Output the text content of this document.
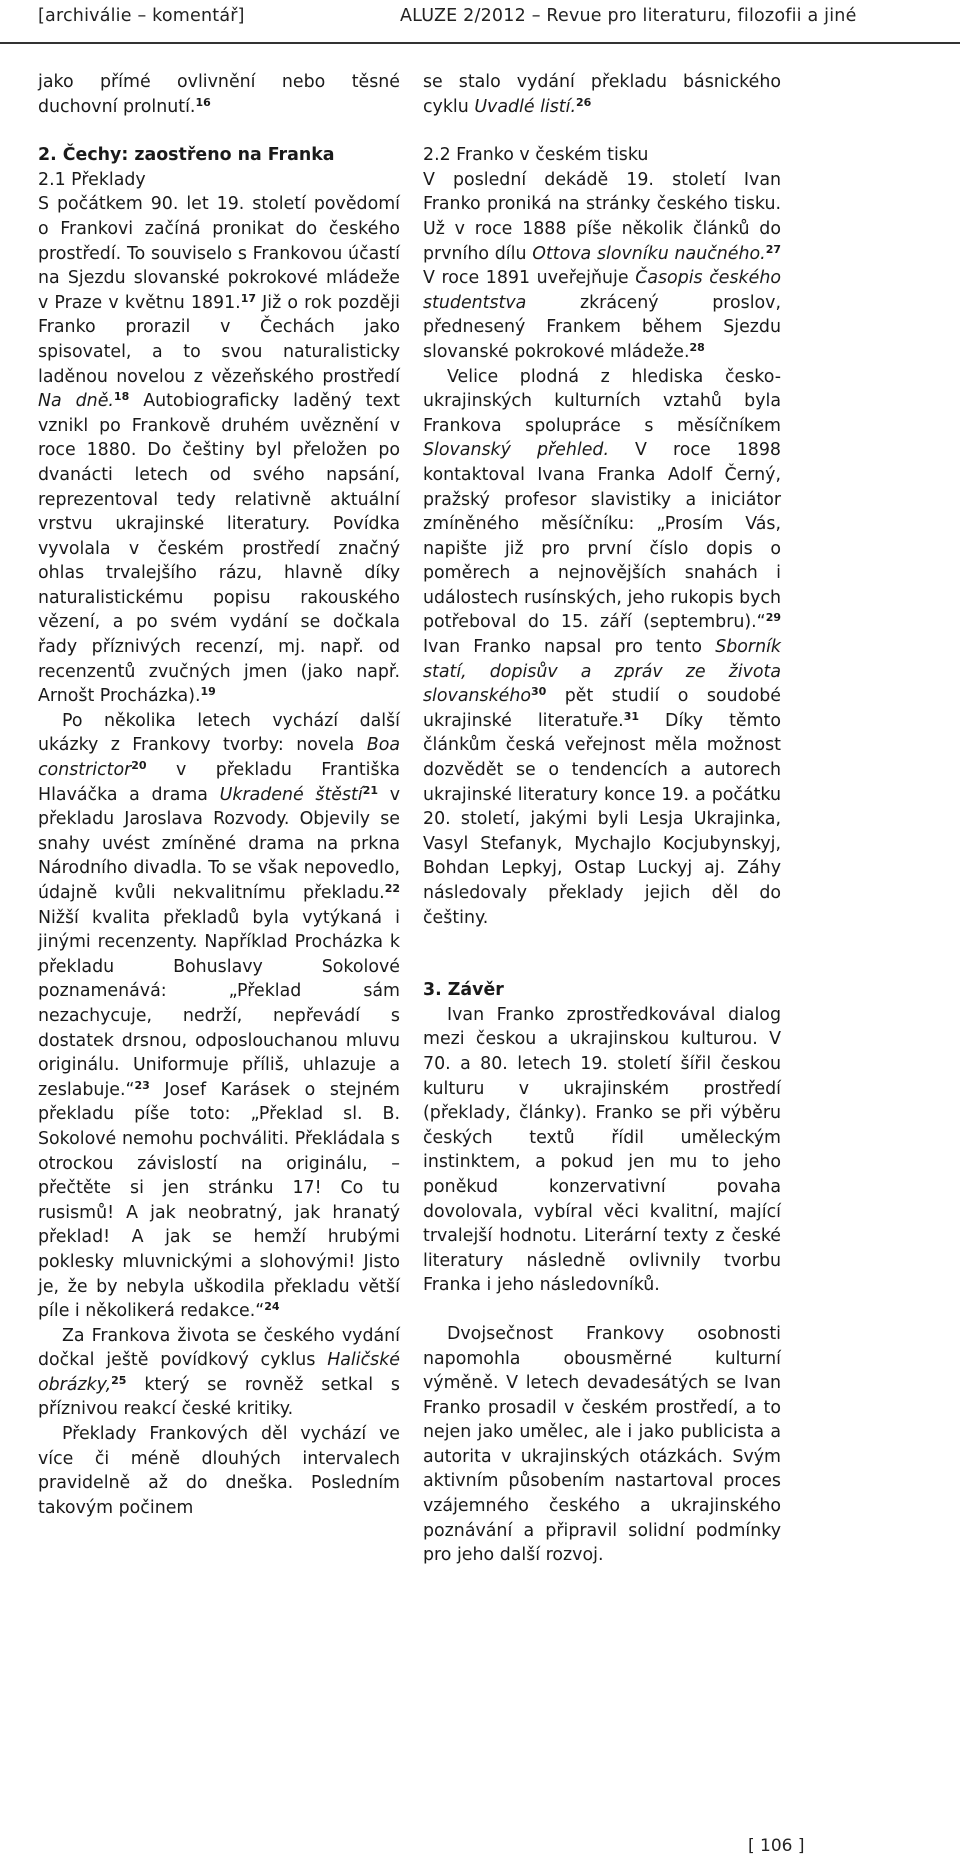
[archiválie – komentář]	ALUZE 2/2012 – Revue pro literaturu, filozofii a jiné

jako přímé ovlivnění nebo těsné duchovní prolnutí.$^{16}$

2. Čechy: zaostřeno na Franka

2.1 Překlady

S počátkem 90. let 19. století povědomí o Frankovi začíná pronikat do českého prostředí. To souviselo s Frankovou účastí na Sjezdu slovanské pokrokové mládeže v Praze v květnu 1891.17 Již o rok později Franko prorazil v Čechách jako spisovatel, a to svou naturalisticky laděnou novelou z vězeňského prostředí Na dně.$^{18}$ Autobiograficky laděný text vznikl po Frankově druhém uvěznění v roce 1880. Do češtiny byl přeložen po dvanácti letech od svého napsání, reprezentoval tedy relativně aktuální vrstvu ukrajinské literatury. Povídka vyvolala v českém prostředí značný ohlas trvalejšího rázu, hlavně díky naturalistickému popisu rakouského vězení, a po svém vydání se dočkala řady příznivých recenzí, mj. např. od recenzentů zvučných jmen (jako např. Arnošt Procházka).$^{19}$

Po několika letech vychází další ukázky z Frankovy tvorby: novela Boa constrictor$^{20}$ v překladu Františka Hlaváčka a drama Ukradené štěstí$^{21}$ v překladu Jaroslava Rozvody. Objevily se snahy uvést zmíněné drama na prkna Národního divadla. To se však nepovedlo, údajně kvůli nekvalitnímu překladu.$^{22}$ Nižší kvalita překladů byla vytýkaná i jinými recenzenty. Například Procházka k překladu Bohuslavy Sokolové poznamenává: „Překlad sám nezachycuje, nedrží, nepřevádí s dostatek drsnou, odposlouchanou mluvu originálu. Uniformuje příliš, uhlazuje a zeslabuje.“$^{23}$ Josef Karásek o stejném překladu píše toto: „Překlad sl. B. Sokolové nemohu pochváliti. Překládala s otrockou závislostí na originálu, – přečtěte si jen stránku 17! Co tu rusismů! A jak neobratný, jak hranatý překlad! A jak se hemží hrubými poklesky mluvnickými a slohovými! Jisto je, že by nebyla uškodila překladu větší píle i několikerá redakce.“$^{24}$

Za Frankova života se českého vydání dočkal ještě povídkový cyklus Haličské obrázky,$^{25}$ který se rovněž setkal s příznivou reakcí české kritiky.

Překlady Frankových děl vychází ve více či méně dlouhých intervalech pravidelně až do dneška. Posledním takovým počinem

se stalo vydání překladu básnického cyklu Uvadlé listí.$^{26}$

2.2 Franko v českém tisku

V poslední dekádě 19. století Ivan Franko proniká na stránky českého tisku. Už v roce 1888 píše několik článků do prvního dílu Ottova slovníku naučného.$^{27}$ V roce 1891 uveřejňuje Časopis českého studentstva zkrácený proslov, přednesený Frankem během Sjezdu slovanské pokrokové mládeže.$^{28}$

Velice plodná z hlediska česko-ukrajinských kulturních vztahů byla Frankova spolupráce s měsíčníkem Slovanský přehled. V roce 1898 kontaktoval Ivana Franka Adolf Černý, pražský profesor slavistiky a iniciátor zmíněného měsíčníku: „Prosím Vás, napište již pro první číslo dopis o poměrech a nejnovějších snahách i událostech rusínských, jeho rukopis bych potřeboval do 15. září (septembru).“$^{29}$ Ivan Franko napsal pro tento Sborník statí, dopisův a zpráv ze života slovanského$^{30}$ pět studií o soudobé ukrajinské literatuře.$^{31}$ Díky těmto článkům česká veřejnost měla možnost dozvědět se o tendencích a autorech ukrajinské literatury konce 19. a počátku 20. století, jakými byli Lesja Ukrajinka, Vasyl Stefanyk, Mychajlo Kocjubynskyj, Bohdan Lepkyj, Ostap Luckyj aj. Záhy následovaly překlady jejich děl do češtiny.

3. Závěr

Ivan Franko zprostředkovával dialog mezi českou a ukrajinskou kulturou. V 70. a 80. letech 19. století šířil českou kulturu v ukrajinském prostředí (překlady, články). Franko se při výběru českých textů řídil uměleckým instinktem, a pokud jen mu to jeho poněkud konzervativní povaha dovolovala, vybíral věci kvalitní, mající trvalejší hodnotu. Literární texty z české literatury následně ovlivnily tvorbu Franka i jeho následovníků.

Dvojsečnost Frankovy osobnosti napomohla obousměrné kulturní výměně. V letech devadesátých se Ivan Franko prosadil v českém prostředí, a to nejen jako umělec, ale i jako publicista a autorita v ukrajinských otázkách. Svým aktivním působením nastartoval proces vzájemného českého a ukrajinského poznávání a připravil solidní podmínky pro jeho další rozvoj.

[ 106 ]
